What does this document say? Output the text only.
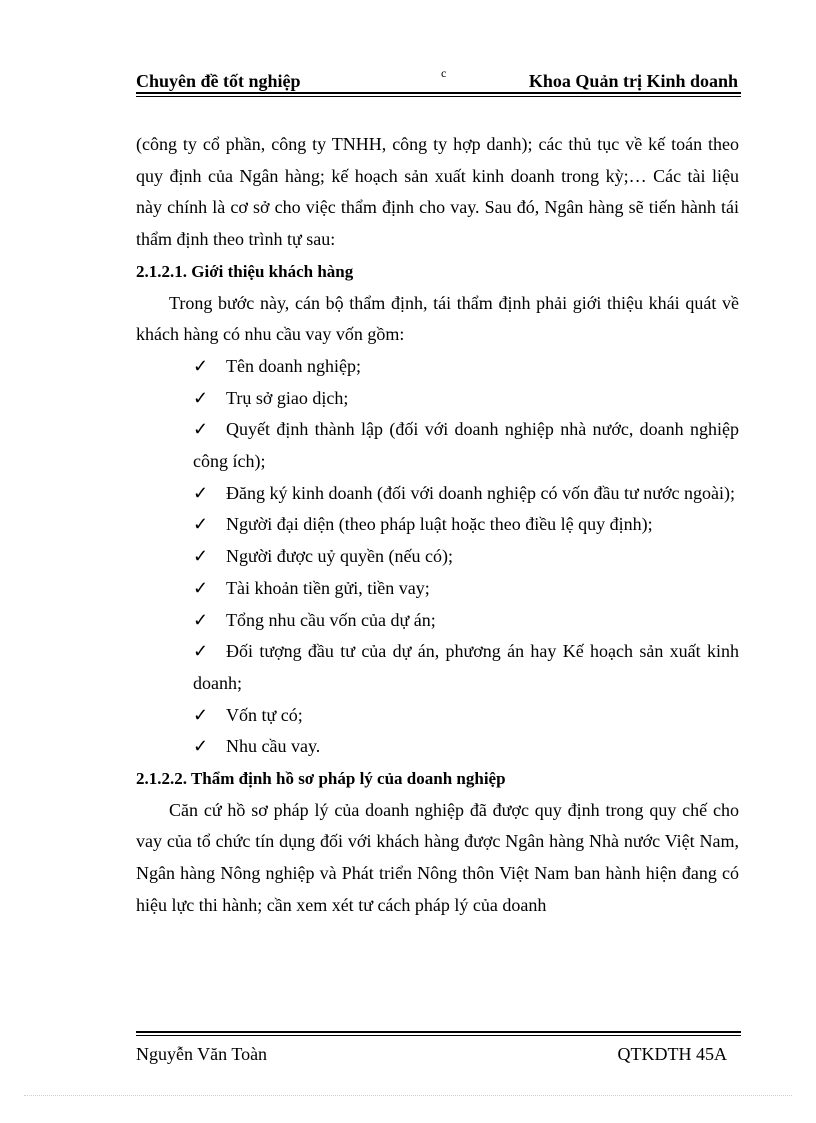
Chuyên đề tốt nghiệp	c	Khoa Quản trị Kinh doanh

(công ty cổ phần, công ty TNHH, công ty hợp danh); các thủ tục về kế toán theo quy định của Ngân hàng; kế hoạch sản xuất kinh doanh trong kỳ;… Các tài liệu này chính là cơ sở cho việc thẩm định cho vay. Sau đó, Ngân hàng sẽ tiến hành tái thẩm định theo trình tự sau:

2.1.2.1. Giới thiệu khách hàng

Trong bước này, cán bộ thẩm định, tái thẩm định phải giới thiệu khái quát về khách hàng có nhu cầu vay vốn gồm:

✓ Tên doanh nghiệp;
✓ Trụ sở giao dịch;
✓ Quyết định thành lập (đối với doanh nghiệp nhà nước, doanh nghiệp công ích);
✓ Đăng ký kinh doanh (đối với doanh nghiệp có vốn đầu tư nước ngoài);
✓ Người đại diện (theo pháp luật hoặc theo điều lệ quy định);
✓ Người được uỷ quyền (nếu có);
✓ Tài khoản tiền gửi, tiền vay;
✓ Tổng nhu cầu vốn của dự án;
✓ Đối tượng đầu tư của dự án, phương án hay Kế hoạch sản xuất kinh doanh;
✓ Vốn tự có;
✓ Nhu cầu vay.

2.1.2.2. Thẩm định hồ sơ pháp lý của doanh nghiệp

Căn cứ hồ sơ pháp lý của doanh nghiệp đã được quy định trong quy chế cho vay của tổ chức tín dụng đối với khách hàng được Ngân hàng Nhà nước Việt Nam, Ngân hàng Nông nghiệp và Phát triển Nông thôn Việt Nam ban hành hiện đang có hiệu lực thi hành; cần xem xét tư cách pháp lý của doanh

Nguyễn Văn Toàn	QTKDTH 45A
